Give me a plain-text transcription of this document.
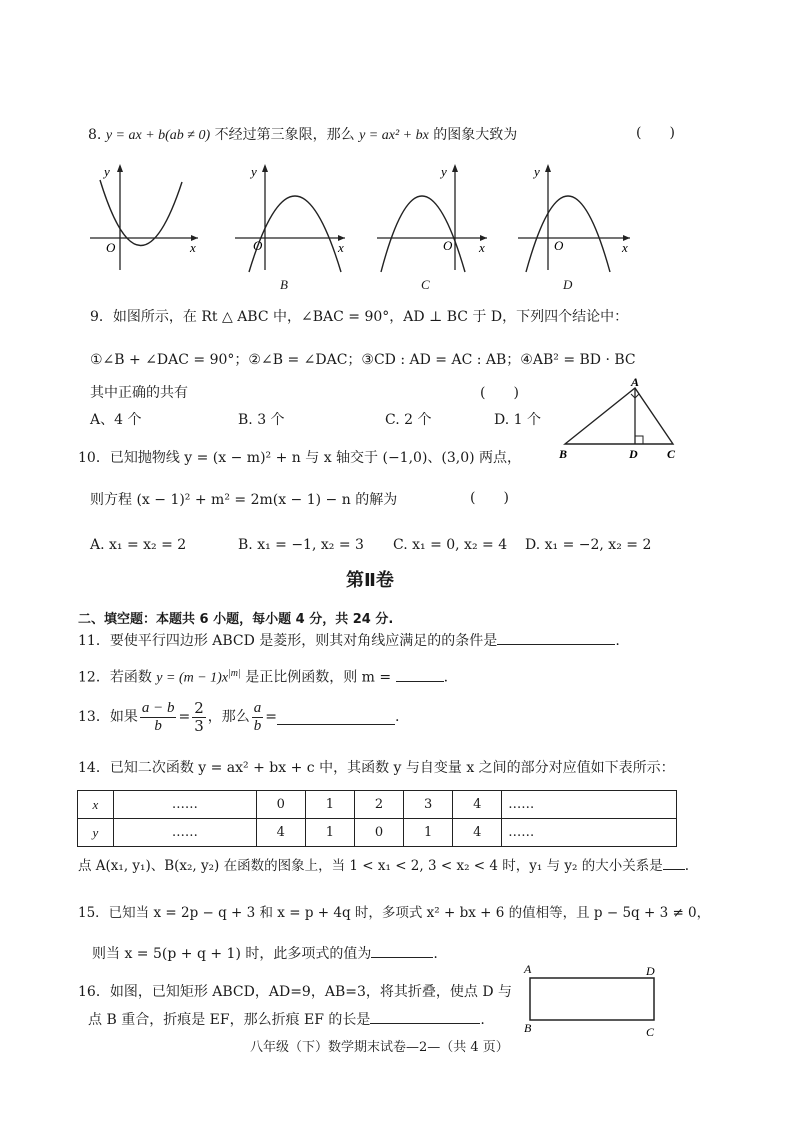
8. y = ax + b(ab ≠ 0) 不经过第三象限，那么 y = ax² + bx 的图象大致为	(　　)
y
x
O
y
x
O
B
y
x
O
C
y
x
O
D
9．如图所示，在 Rt △ ABC 中，∠BAC = 90°，AD ⊥ BC 于 D，下列四个结论中：
①∠B + ∠DAC = 90°；②∠B = ∠DAC；③CD : AD = AC : AB；④AB² = BD · BC
其中正确的共有	(　　)
A、4 个	B. 3 个	C. 2 个	D. 1 个
A
B	D C
10．已知抛物线 y = (x − m)² + n 与 x 轴交于 (−1,0)、(3,0) 两点，
则方程 (x − 1)² + m² = 2m(x − 1) − n 的解为	(　　)
A. x₁ = x₂ = 2	B. x₁ = −1, x₂ = 3 C. x₁ = 0, x₂ = 4 D. x₁ = −2, x₂ = 2
第Ⅱ卷
二、填空题：本题共 6 小题，每小题 4 分，共 24 分.
11．要使平行四边形 ABCD 是菱形，则其对角线应满足的的条件是	.
12．若函数 $y = (m - 1)x^{|m|}$ 是正比例函数，则 m =	.
13．如果 $\frac{a - b}{b} = \frac{2}{3}$ ，那么 $\frac{a}{b}$ =	.
14．已知二次函数 y = ax² + bx + c 中，其函数 y 与自变量 x 之间的部分对应值如下表所示：
x	……	0	1	2	3	4	……
y	……	4	1	0	1	4	……
点 A(x₁, y₁)、B(x₂, y₂) 在函数的图象上，当 1 < x₁ < 2, 3 < x₂ < 4 时，y₁ 与 y₂ 的大小关系是 .
15．已知当 x = 2p − q + 3 和 x = p + 4q 时，多项式 x² + bx + 6 的值相等，且 p − 5q + 3 ≠ 0，
则当 x = 5(p + q + 1) 时，此多项式的值为	.
16．如图，已知矩形 ABCD，AD=9，AB=3，将其折叠，使点 D 与
点 B 重合，折痕是 EF，那么折痕 EF 的长是	.
A	D
B	C
八年级（下）数学期末试卷—2—（共 4 页）
